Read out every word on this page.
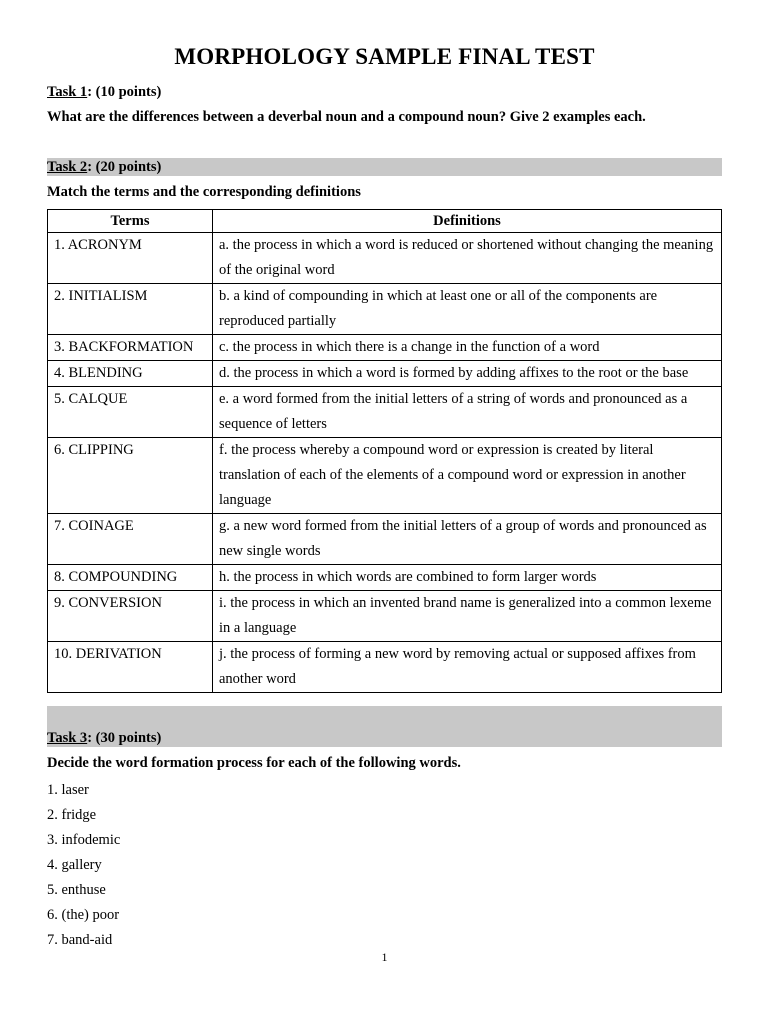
MORPHOLOGY SAMPLE FINAL TEST
Task 1: (10 points)
What are the differences between a deverbal noun and a compound noun? Give 2 examples each.
Task 2: (20 points)
Match the terms and the corresponding definitions
Terms	Definitions
1. ACRONYM	a. the process in which a word is reduced or shortened without changing the meaning of the original word
2. INITIALISM	b. a kind of compounding in which at least one or all of the components are reproduced partially
3. BACKFORMATION	c. the process in which there is a change in the function of a word
4. BLENDING	d. the process in which a word is formed by adding affixes to the root or the base
5. CALQUE	e. a word formed from the initial letters of a string of words and pronounced as a sequence of letters
6. CLIPPING	f. the process whereby a compound word or expression is created by literal translation of each of the elements of a compound word or expression in another language
7. COINAGE	g. a new word formed from the initial letters of a group of words and pronounced as new single words
8. COMPOUNDING	h. the process in which words are combined to form larger words
9. CONVERSION	i. the process in which an invented brand name is generalized into a common lexeme in a language
10. DERIVATION	j. the process of forming a new word by removing actual or supposed affixes from another word
Task 3: (30 points)
Decide the word formation process for each of the following words.
1. laser
2. fridge
3. infodemic
4. gallery
5. enthuse
6. (the) poor
7. band-aid
1
